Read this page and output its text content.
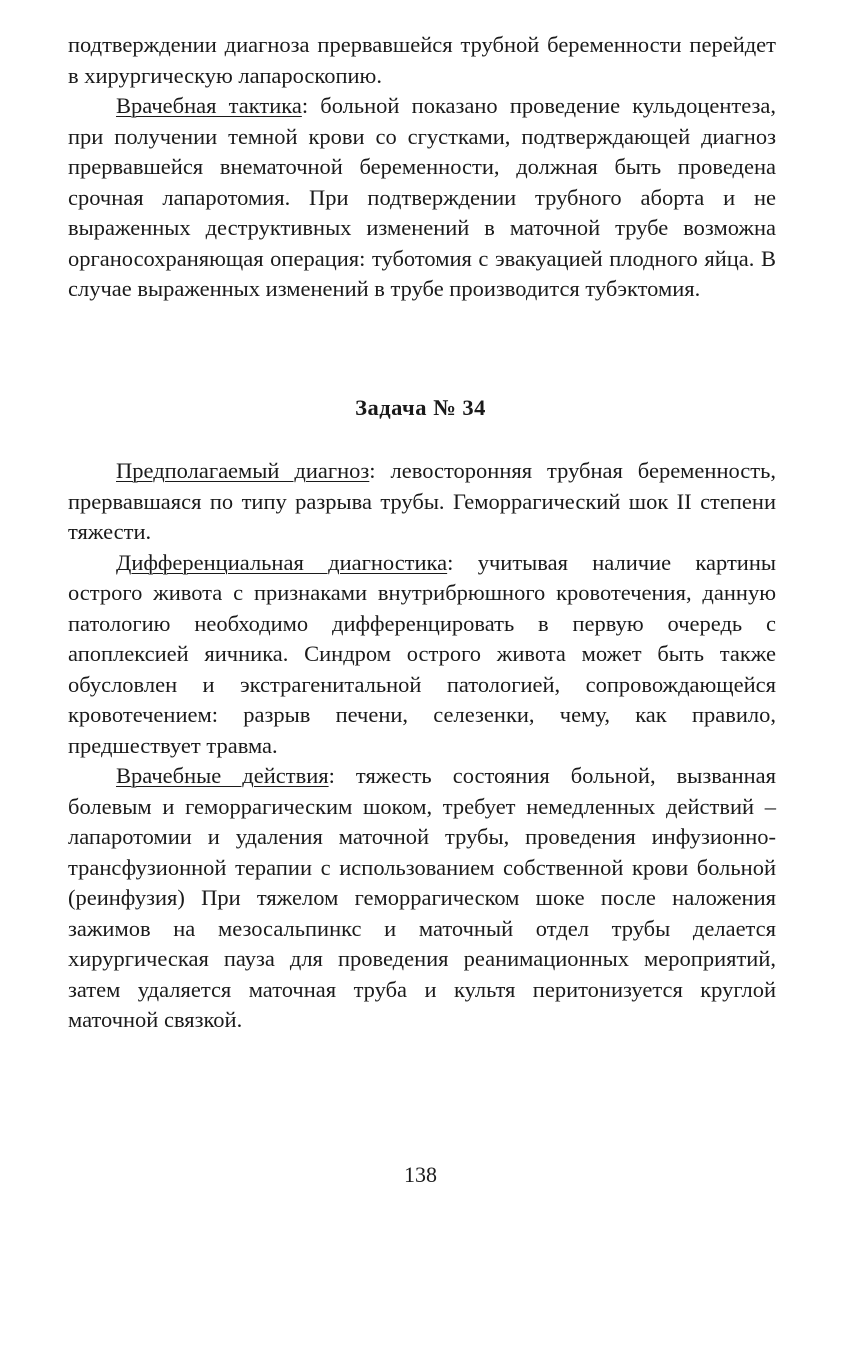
подтверждении диагноза прервавшейся трубной беременности перейдет в хирургическую лапароскопию.

Врачебная тактика: больной показано проведение кульдоцентеза, при получении темной крови со сгустками, подтверждающей диагноз прервавшейся внематочной беременности, должная быть проведена срочная лапаротомия. При подтверждении трубного аборта и не выраженных деструктивных изменений в маточной трубе возможна органосохраняющая операция: туботомия с эвакуацией плодного яйца. В случае выраженных изменений в трубе производится тубэктомия.

Задача № 34

Предполагаемый диагноз: левосторонняя трубная беременность, прервавшаяся по типу разрыва трубы. Геморрагический шок II степени тяжести.

Дифференциальная диагностика: учитывая наличие картины острого живота с признаками внутрибрюшного кровотечения, данную патологию необходимо дифференцировать в первую очередь с апоплексией яичника. Синдром острого живота может быть также обусловлен и экстрагенитальной патологией, сопровождающейся кровотечением: разрыв печени, селезенки, чему, как правило, предшествует травма.

Врачебные действия: тяжесть состояния больной, вызванная болевым и геморрагическим шоком, требует немедленных действий – лапаротомии и удаления маточной трубы, проведения инфузионно-трансфузионной терапии с использованием собственной крови больной (реинфузия) При тяжелом геморрагическом шоке после наложения зажимов на мезосальпинкс и маточный отдел трубы делается хирургическая пауза для проведения реанимационных мероприятий, затем удаляется маточная труба и культя перитонизуется круглой маточной связкой.

138
